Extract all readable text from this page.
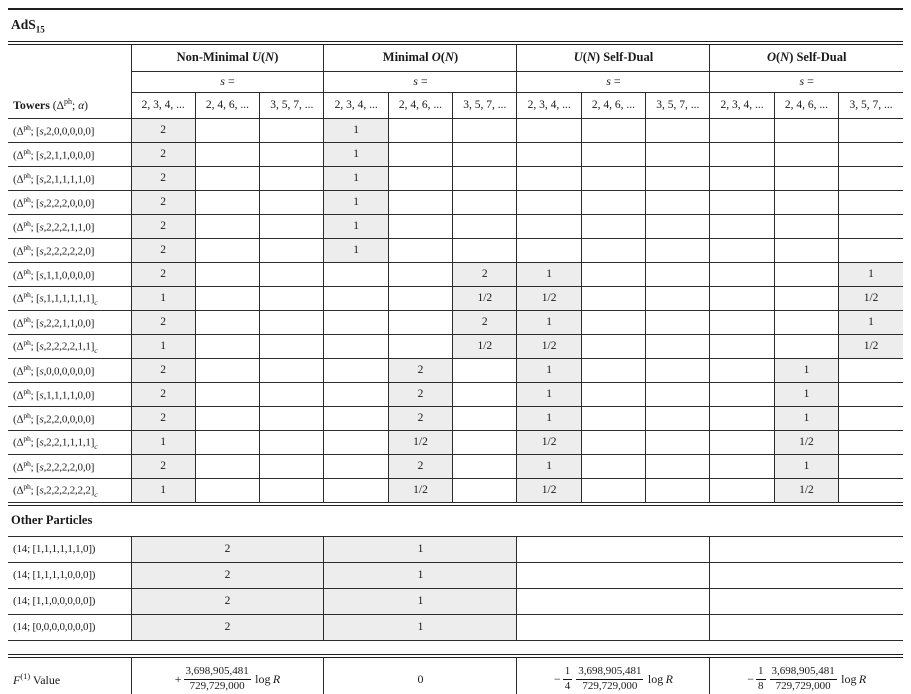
AdS$_{15}$

	Non-Minimal U(N)			Minimal O(N)			U(N) Self-Dual			O(N) Self-Dual		
	s =			s =			s =			s =		
Towers ($\Delta^{ph}$; α)	2, 3, 4, ...	2, 4, 6, ...	3, 5, 7, ...	2, 3, 4, ...	2, 4, 6, ...	3, 5, 7, ...	2, 3, 4, ...	2, 4, 6, ...	3, 5, 7, ...	2, 3, 4, ...	2, 4, 6, ...	3, 5, 7, ...
($\Delta^{ph}$; [s,2,0,0,0,0,0]	2			1								
($\Delta^{ph}$; [s,2,1,1,0,0,0]	2			1								
($\Delta^{ph}$; [s,2,1,1,1,1,0]	2			1								
($\Delta^{ph}$; [s,2,2,2,0,0,0]	2			1								
($\Delta^{ph}$; [s,2,2,2,1,1,0]	2			1								
($\Delta^{ph}$; [s,2,2,2,2,2,0]	2			1								
($\Delta^{ph}$; [s,1,1,0,0,0,0]	2					2	1					1
($\Delta^{ph}$; $[s,1,1,1,1,1,1]_c$	1					1/2	1/2					1/2
($\Delta^{ph}$; [s,2,2,1,1,0,0]	2					2	1					1
($\Delta^{ph}$; $[s,2,2,2,2,1,1]_c$	1					1/2	1/2					1/2
($\Delta^{ph}$; [s,0,0,0,0,0,0]	2				2		1				1	
($\Delta^{ph}$; [s,1,1,1,1,0,0]	2				2		1				1	
($\Delta^{ph}$; [s,2,2,0,0,0,0]	2				2		1				1	
($\Delta^{ph}$; $[s,2,2,1,1,1,1]_c$	1				1/2		1/2				1/2	
($\Delta^{ph}$; [s,2,2,2,2,0,0]	2				2		1				1	
($\Delta^{ph}$; $[s,2,2,2,2,2,2]_c$	1				1/2		1/2				1/2	

Other Particles												
(14; [1,1,1,1,1,1,0])	2			1								
(14; [1,1,1,1,0,0,0])	2			1								
(14; [1,1,0,0,0,0,0])	2			1								
(14; [0,0,0,0,0,0,0])	2			1								

$F^{(1)}$ Value	+ $\frac{3,698,905,481}{729,729,000}$  log R	0	− $\frac{1}{4} \frac{3,698,905,481}{729,729,000}$  log R	− $\frac{1}{8} \frac{3,698,905,481}{729,729,000}$  log R
